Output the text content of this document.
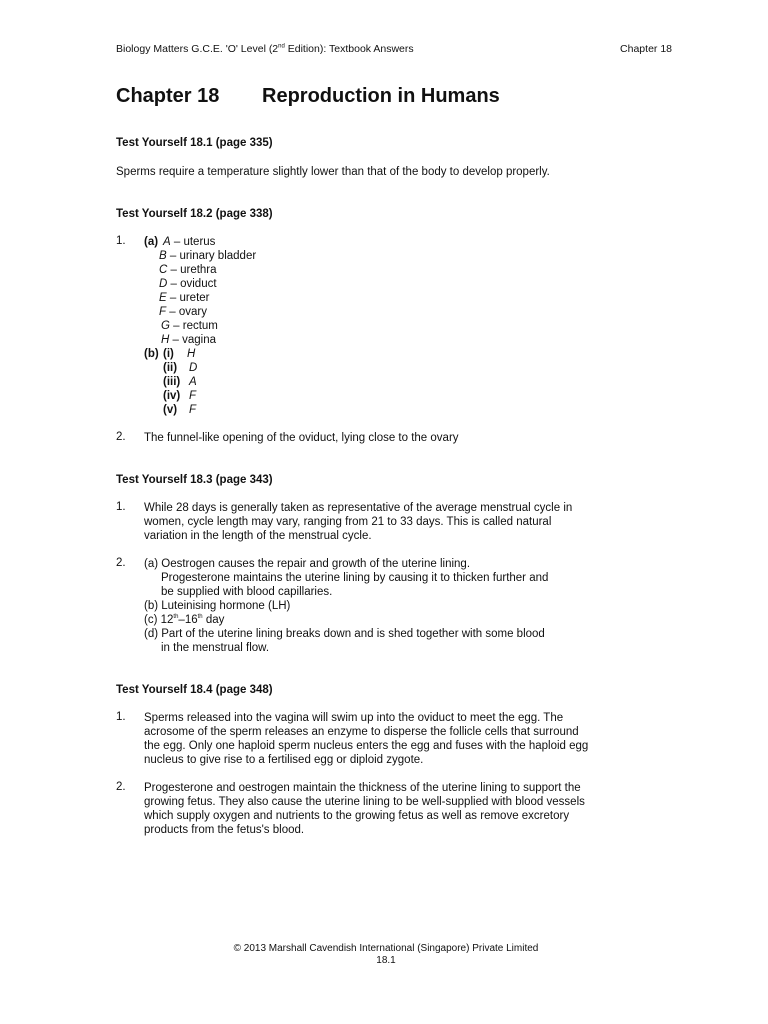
Biology Matters G.C.E. 'O' Level (2nd Edition): Textbook Answers	Chapter 18
Chapter 18 Reproduction in Humans
Test Yourself 18.1 (page 335)
Sperms require a temperature slightly lower than that of the body to develop properly.
Test Yourself 18.2 (page 338)
1. (a) A – uterus
B – urinary bladder
C – urethra
D – oviduct
E – ureter
F – ovary
G – rectum
H – vagina
(b) (i) H
(ii) D
(iii) A
(iv) F
(v) F
2. The funnel-like opening of the oviduct, lying close to the ovary
Test Yourself 18.3 (page 343)
1. While 28 days is generally taken as representative of the average menstrual cycle in
women, cycle length may vary, ranging from 21 to 33 days. This is called natural
variation in the length of the menstrual cycle.
2. (a) Oestrogen causes the repair and growth of the uterine lining.
Progesterone maintains the uterine lining by causing it to thicken further and
be supplied with blood capillaries.
(b) Luteinising hormone (LH)
(c) 12th–16th day
(d) Part of the uterine lining breaks down and is shed together with some blood
in the menstrual flow.
Test Yourself 18.4 (page 348)
1. Sperms released into the vagina will swim up into the oviduct to meet the egg. The
acrosome of the sperm releases an enzyme to disperse the follicle cells that surround
the egg. Only one haploid sperm nucleus enters the egg and fuses with the haploid egg
nucleus to give rise to a fertilised egg or diploid zygote.
2. Progesterone and oestrogen maintain the thickness of the uterine lining to support the
growing fetus. They also cause the uterine lining to be well-supplied with blood vessels
which supply oxygen and nutrients to the growing fetus as well as remove excretory
products from the fetus's blood.
© 2013 Marshall Cavendish International (Singapore) Private Limited
18.1
